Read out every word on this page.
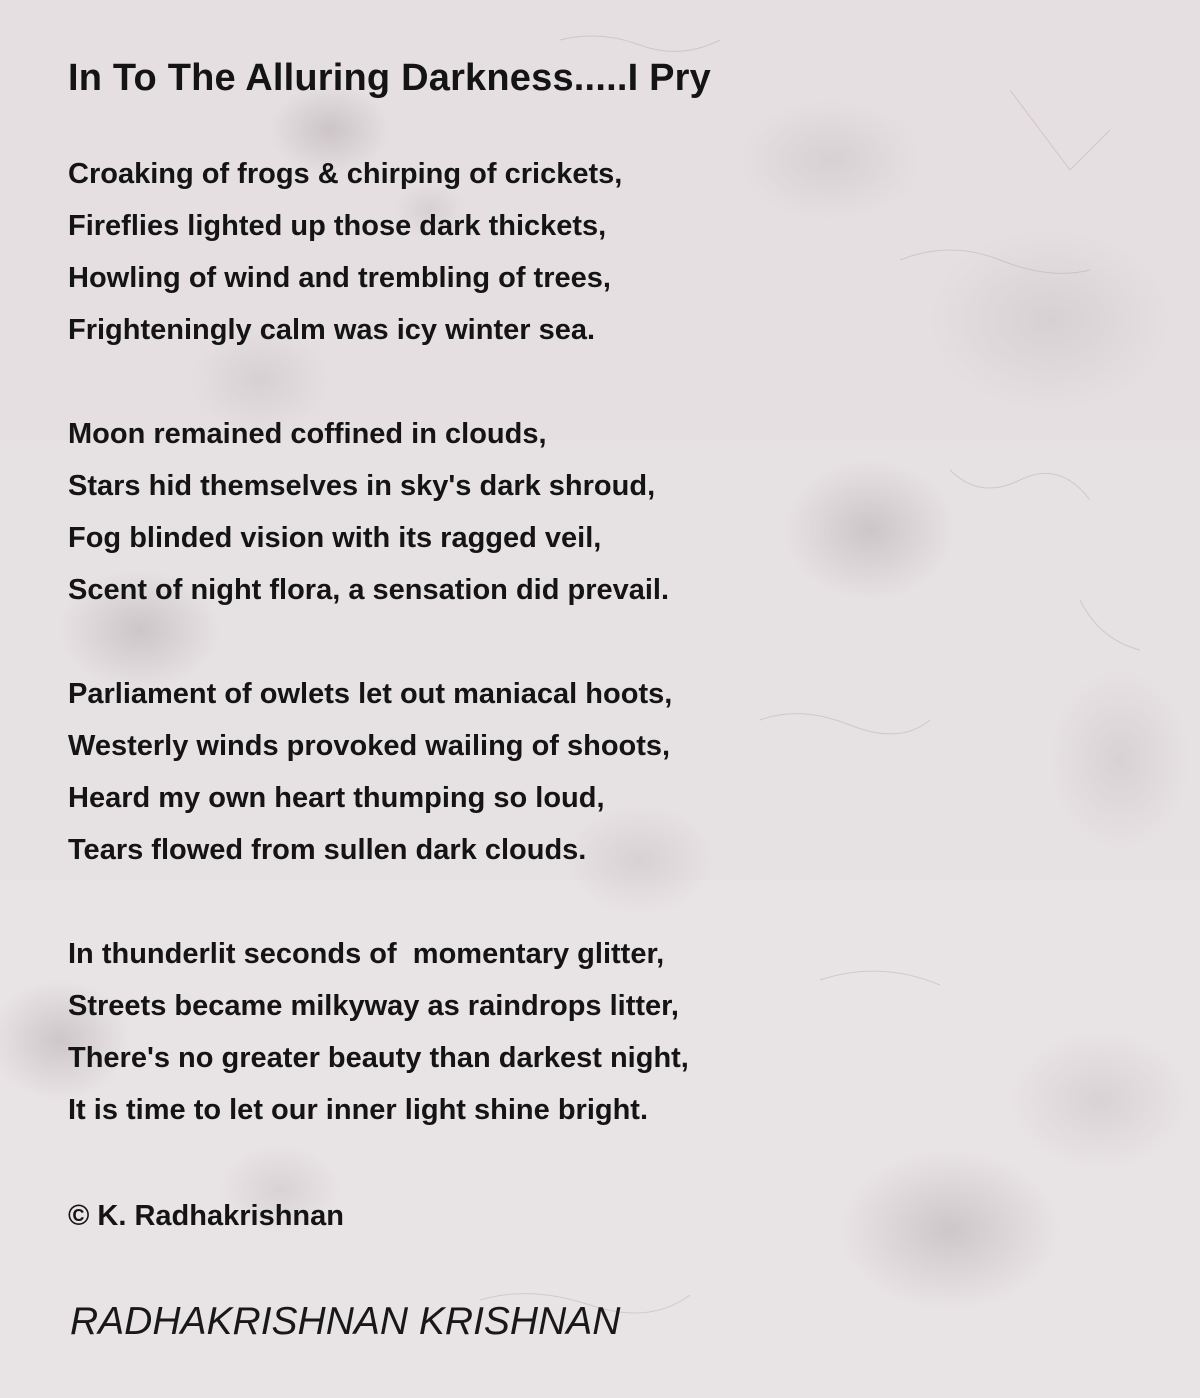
In To The Alluring Darkness.....I Pry
Croaking of frogs & chirping of crickets,
Fireflies lighted up those dark thickets,
Howling of wind and trembling of trees,
Frighteningly calm was icy winter sea.
Moon remained coffined in clouds,
Stars hid themselves in sky's dark shroud,
Fog blinded vision with its ragged veil,
Scent of night flora, a sensation did prevail.
Parliament of owlets let out maniacal hoots,
Westerly winds provoked wailing of shoots,
Heard my own heart thumping so loud,
Tears flowed from sullen dark clouds.
In thunderlit seconds of  momentary glitter,
Streets became milkyway as raindrops litter,
There's no greater beauty than darkest night,
It is time to let our inner light shine bright.
© K. Radhakrishnan
RADHAKRISHNAN KRISHNAN
